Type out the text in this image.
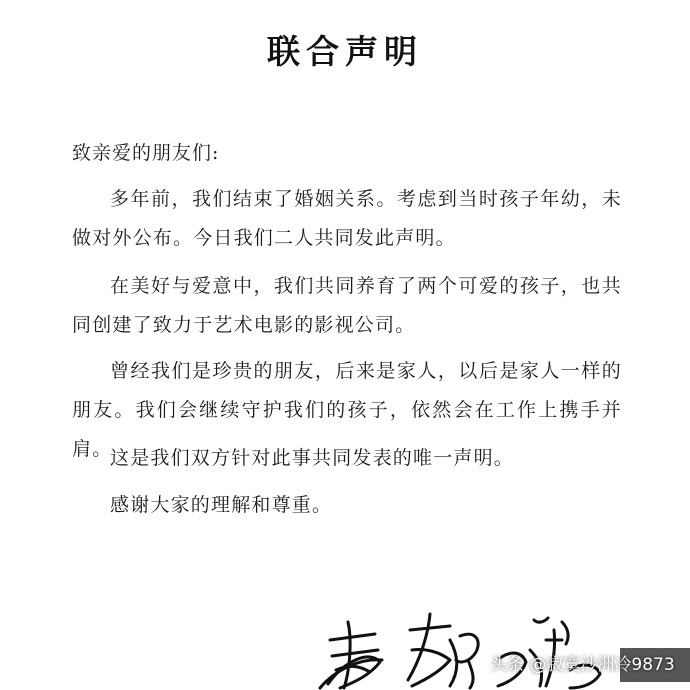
联合声明
致亲爱的朋友们:
多年前，我们结束了婚姻关系。考虑到当时孩子年幼，未做对外公布。今日我们二人共同发此声明。
在美好与爱意中，我们共同养育了两个可爱的孩子，也共同创建了致力于艺术电影的影视公司。
曾经我们是珍贵的朋友，后来是家人，以后是家人一样的朋友。我们会继续守护我们的孩子，依然会在工作上携手并肩。
这是我们双方针对此事共同发表的唯一声明。
感谢大家的理解和尊重。
头条 @寂寞沙洲冷9873
